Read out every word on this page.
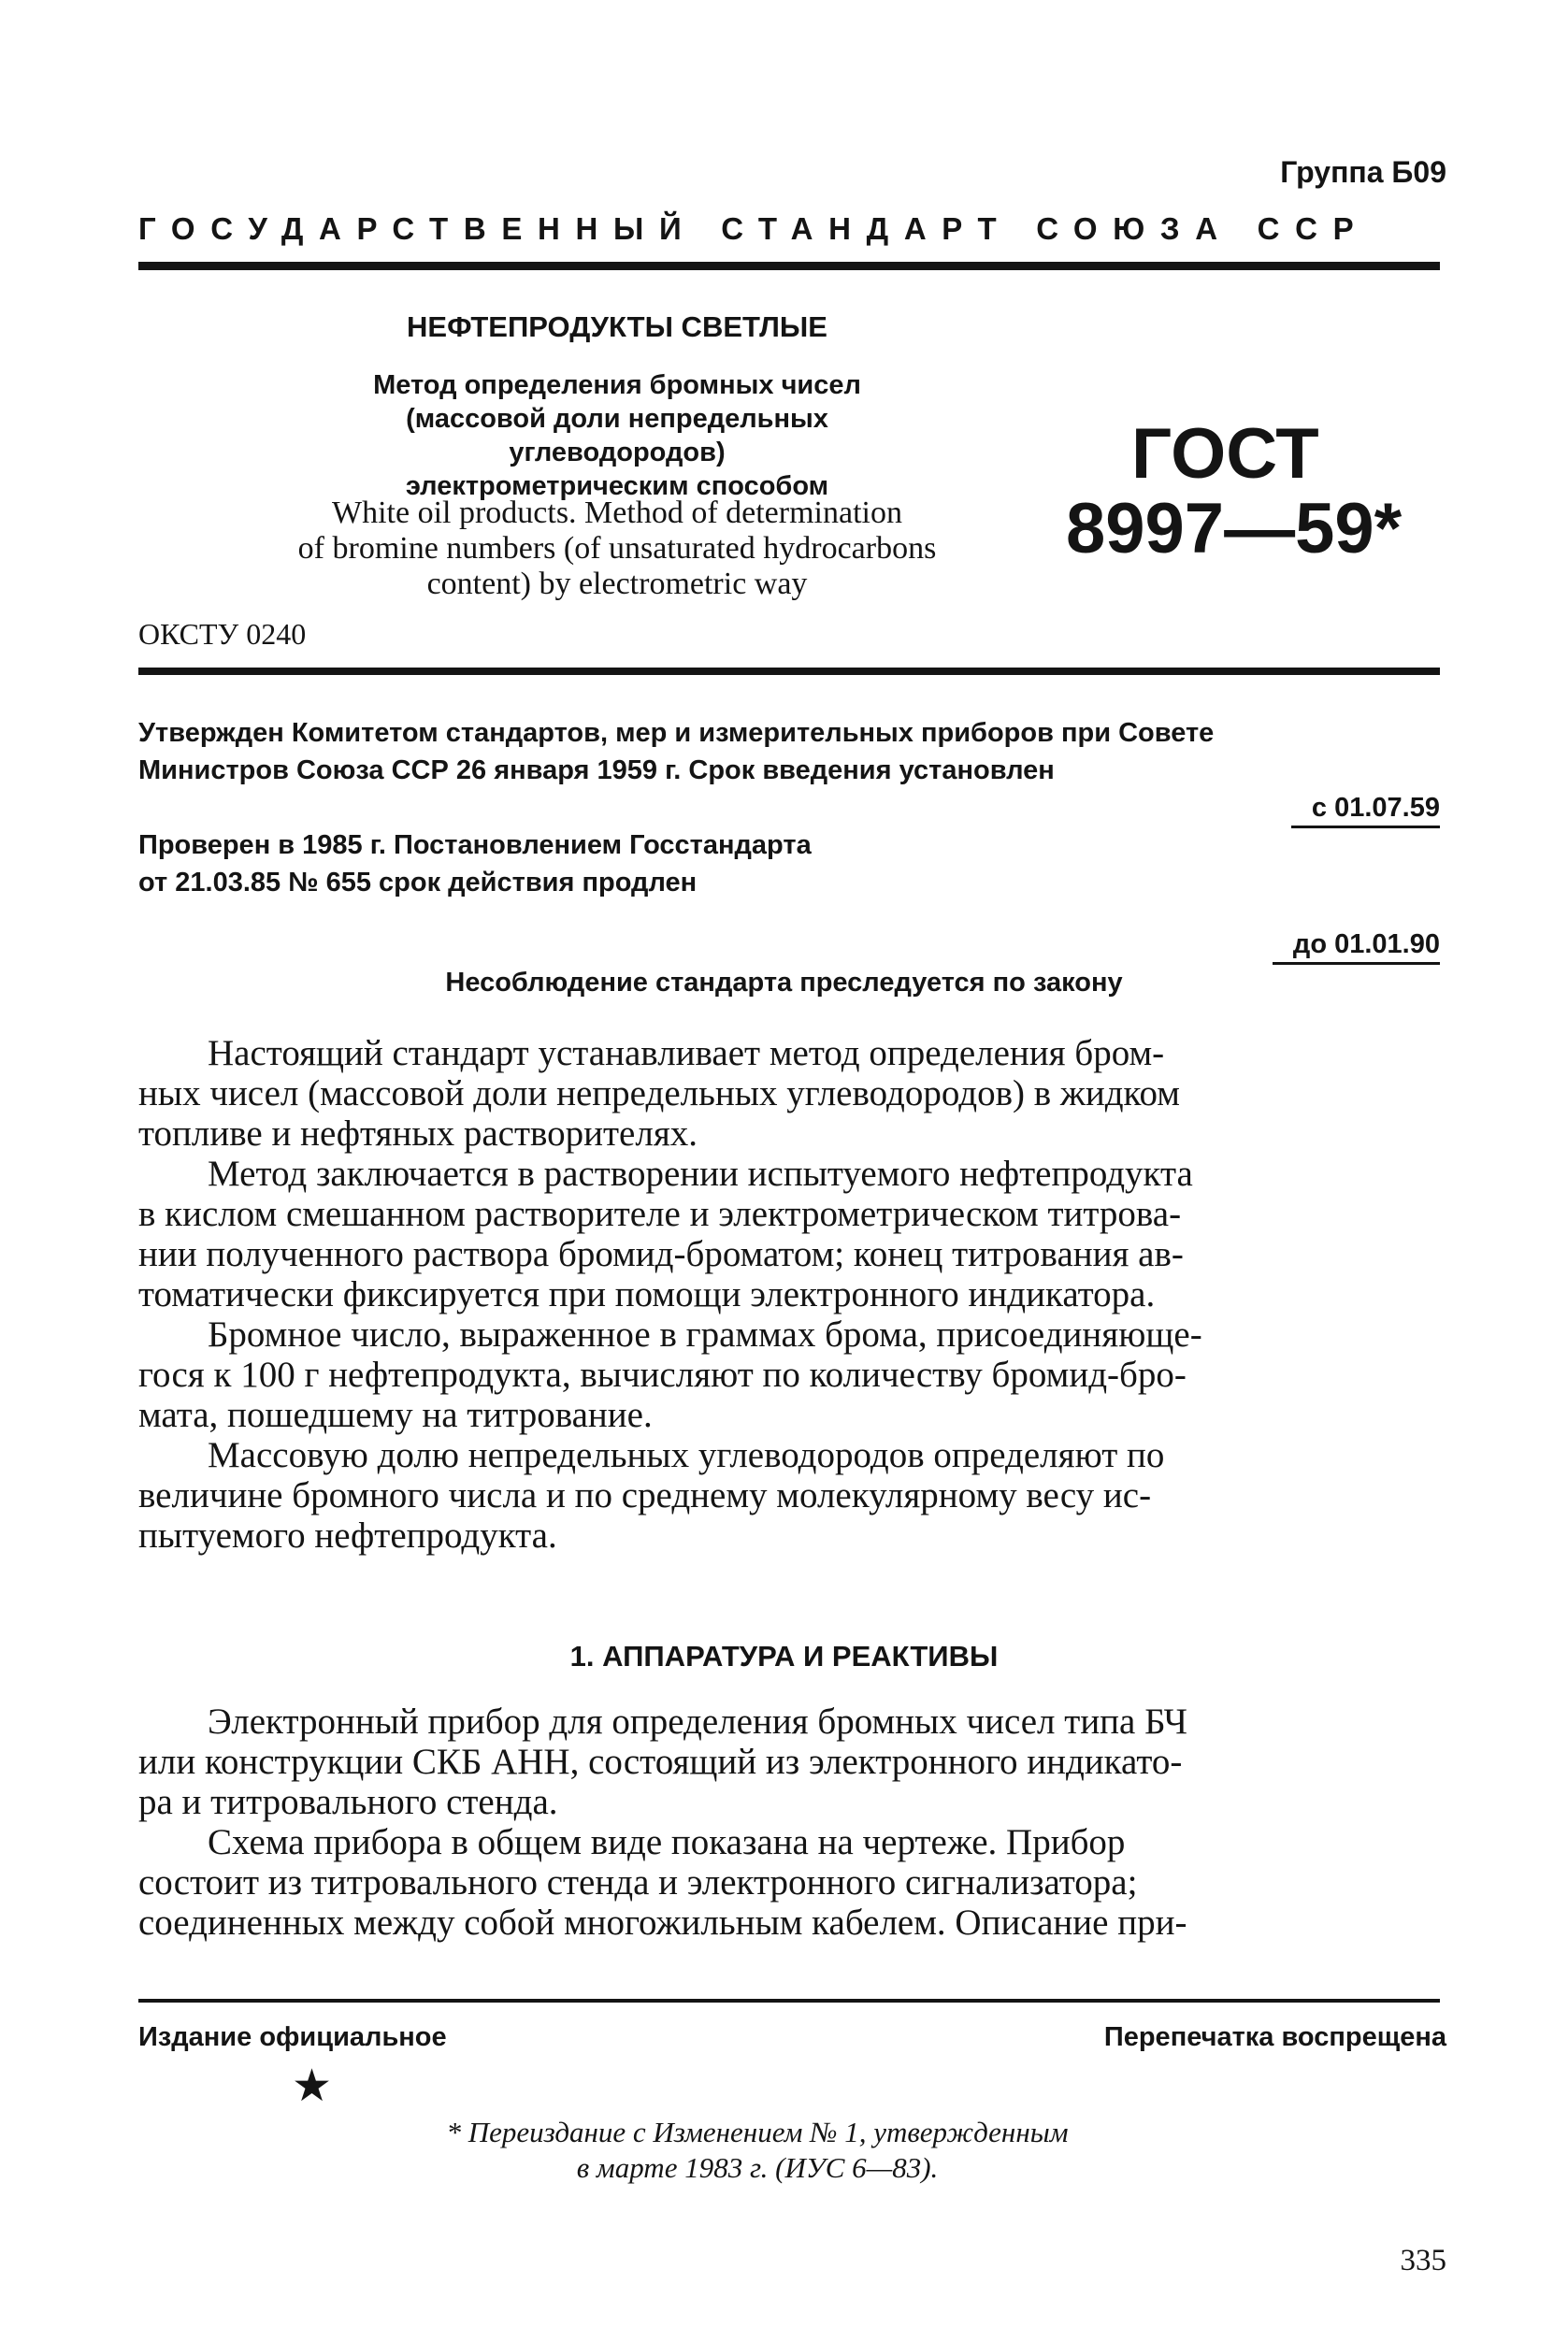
Группа Б09
ГОСУДАРСТВЕННЫЙ СТАНДАРТ СОЮЗА ССР
НЕФТЕПРОДУКТЫ СВЕТЛЫЕ
Метод определения бромных чисел
(массовой доли непредельных углеводородов)
электрометрическим способом
White oil products. Method of determination
of bromine numbers (of unsaturated hydrocarbons
content) by electrometric way
ОКСТУ 0240
ГОСТ
8997—59*
Утвержден Комитетом стандартов, мер и измерительных приборов при Совете
Министров Союза ССР 26 января 1959 г. Срок введения установлен
с 01.07.59
Проверен в 1985 г. Постановлением Госстандарта
от 21.03.85 № 655 срок действия продлен
до 01.01.90
Несоблюдение стандарта преследуется по закону
Настоящий стандарт устанавливает метод определения бром-
ных чисел (массовой доли непредельных углеводородов) в жидком
топливе и нефтяных растворителях.
Метод заключается в растворении испытуемого нефтепродукта
в кислом смешанном растворителе и электрометрическом титрова-
нии полученного раствора бромид-броматом; конец титрования ав-
томатически фиксируется при помощи электронного индикатора.
Бромное число, выраженное в граммах брома, присоединяюще-
гося к 100 г нефтепродукта, вычисляют по количеству бромид-бро-
мата, пошедшему на титрование.
Массовую долю непредельных углеводородов определяют по
величине бромного числа и по среднему молекулярному весу ис-
пытуемого нефтепродукта.
1. АППАРАТУРА И РЕАКТИВЫ
Электронный прибор для определения бромных чисел типа БЧ
или конструкции СКБ АНН, состоящий из электронного индикато-
ра и титровального стенда.
Схема прибора в общем виде показана на чертеже. Прибор
состоит из титровального стенда и электронного сигнализатора;
соединенных между собой многожильным кабелем. Описание при-
Издание официальное	Перепечатка воспрещена
★
* Переиздание с Изменением № 1, утвержденным
в марте 1983 г. (ИУС 6—83).
335
